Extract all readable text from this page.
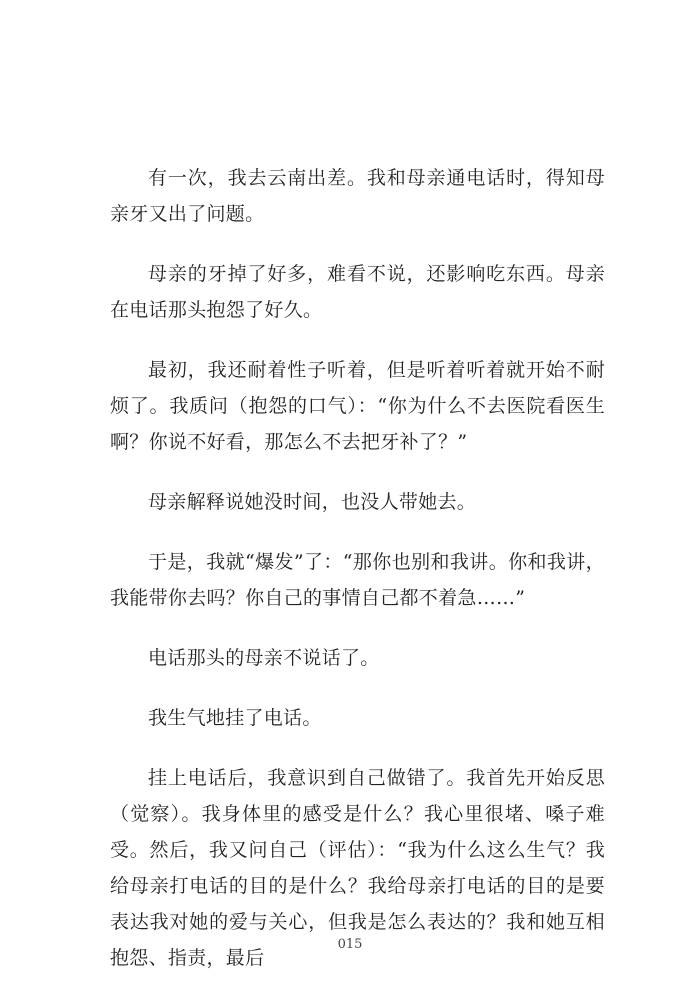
有一次，我去云南出差。我和母亲通电话时，得知母亲牙又出了问题。

母亲的牙掉了好多，难看不说，还影响吃东西。母亲在电话那头抱怨了好久。

最初，我还耐着性子听着，但是听着听着就开始不耐烦了。我质问（抱怨的口气）：“你为什么不去医院看医生啊？你说不好看，那怎么不去把牙补了？”

母亲解释说她没时间，也没人带她去。

于是，我就“爆发”了：“那你也别和我讲。你和我讲，我能带你去吗？你自己的事情自己都不着急……”

电话那头的母亲不说话了。

我生气地挂了电话。

挂上电话后，我意识到自己做错了。我首先开始反思（觉察）。我身体里的感受是什么？我心里很堵、嗓子难受。然后，我又问自己（评估）：“我为什么这么生气？我给母亲打电话的目的是什么？我给母亲打电话的目的是要表达我对她的爱与关心，但我是怎么表达的？我和她互相抱怨、指责，最后

015
